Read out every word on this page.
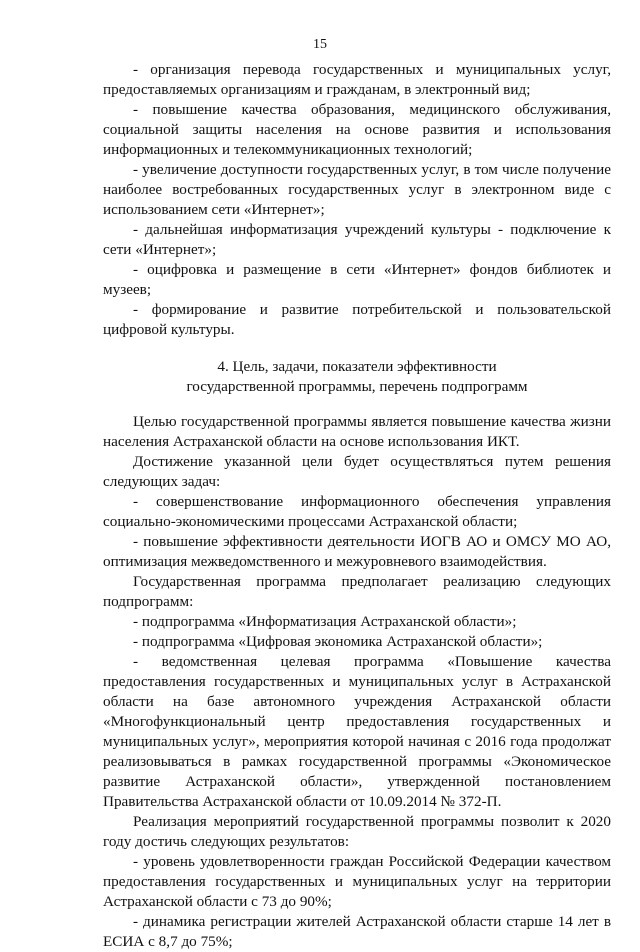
15

- организация перевода государственных и муниципальных услуг, предоставляемых организациям и гражданам, в электронный вид;

- повышение качества образования, медицинского обслуживания, социальной защиты населения на основе развития и использования информационных и телекоммуникационных технологий;

- увеличение доступности государственных услуг, в том числе получение наиболее востребованных государственных услуг в электронном виде с использованием сети «Интернет»;

- дальнейшая информатизация учреждений культуры - подключение к сети «Интернет»;

- оцифровка и размещение в сети «Интернет» фондов библиотек и музеев;

- формирование и развитие потребительской и пользовательской цифровой культуры.

4. Цель, задачи, показатели эффективности
государственной программы, перечень подпрограмм

Целью государственной программы является повышение качества жизни населения Астраханской области на основе использования ИКТ.

Достижение указанной цели будет осуществляться путем решения следующих задач:

- совершенствование информационного обеспечения управления социально-экономическими процессами Астраханской области;

- повышение эффективности деятельности ИОГВ АО и ОМСУ МО АО, оптимизация межведомственного и межуровневого взаимодействия.

Государственная программа предполагает реализацию следующих подпрограмм:

- подпрограмма «Информатизация Астраханской области»;

- подпрограмма «Цифровая экономика Астраханской области»;

- ведомственная целевая программа «Повышение качества предоставления государственных и муниципальных услуг в Астраханской области на базе автономного учреждения Астраханской области «Многофункциональный центр предоставления государственных и муниципальных услуг», мероприятия которой начиная с 2016 года продолжат реализовываться в рамках государственной программы «Экономическое развитие Астраханской области», утвержденной постановлением Правительства Астраханской области от 10.09.2014 № 372-П.

Реализация мероприятий государственной программы позволит к 2020 году достичь следующих результатов:

- уровень удовлетворенности граждан Российской Федерации качеством предоставления государственных и муниципальных услуг на территории Астраханской области с 73 до 90%;

- динамика регистрации жителей Астраханской области старше 14 лет в ЕСИА с 8,7 до 75%;
